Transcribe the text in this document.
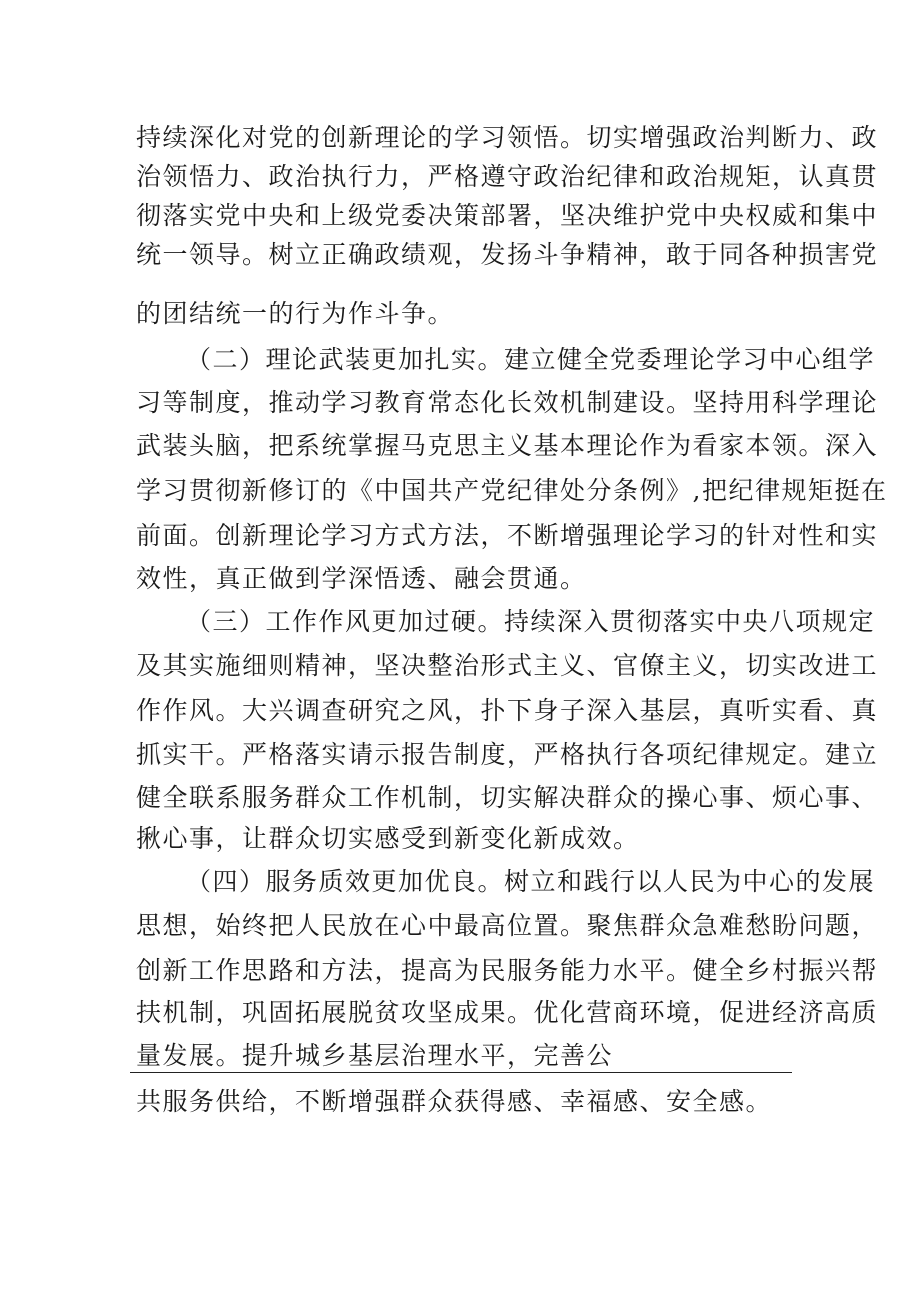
持续深化对党的创新理论的学习领悟。切实增强政治判断力、政
治领悟力、政治执行力，严格遵守政治纪律和政治规矩，认真贯
彻落实党中央和上级党委决策部署，坚决维护党中央权威和集中
统一领导。树立正确政绩观，发扬斗争精神，敢于同各种损害党
的团结统一的行为作斗争。
（二）理论武装更加扎实。建立健全党委理论学习中心组学
习等制度，推动学习教育常态化长效机制建设。坚持用科学理论
武装头脑，把系统掌握马克思主义基本理论作为看家本领。深入
学习贯彻新修订的《中国共产党纪律处分条例》,把纪律规矩挺在
前面。创新理论学习方式方法，不断增强理论学习的针对性和实
效性，真正做到学深悟透、融会贯通。
（三）工作作风更加过硬。持续深入贯彻落实中央八项规定
及其实施细则精神，坚决整治形式主义、官僚主义，切实改进工
作作风。大兴调查研究之风，扑下身子深入基层，真听实看、真
抓实干。严格落实请示报告制度，严格执行各项纪律规定。建立
健全联系服务群众工作机制，切实解决群众的操心事、烦心事、
揪心事，让群众切实感受到新变化新成效。
（四）服务质效更加优良。树立和践行以人民为中心的发展
思想，始终把人民放在心中最高位置。聚焦群众急难愁盼问题，
创新工作思路和方法，提高为民服务能力水平。健全乡村振兴帮
扶机制，巩固拓展脱贫攻坚成果。优化营商环境，促进经济高质
量发展。提升城乡基层治理水平，完善公
共服务供给，不断增强群众获得感、幸福感、安全感。
